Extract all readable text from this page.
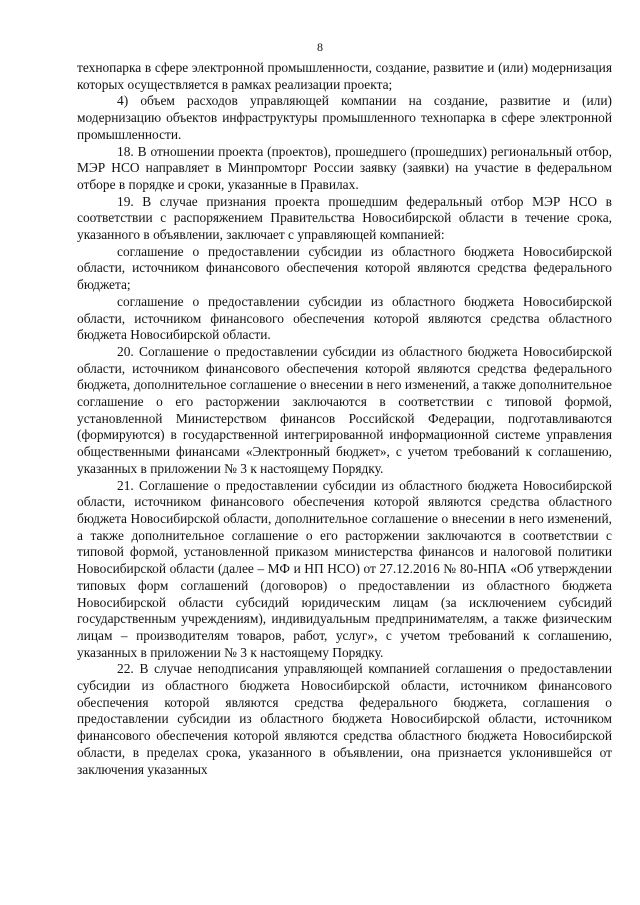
8

технопарка в сфере электронной промышленности, создание, развитие и (или) модернизация которых осуществляется в рамках реализации проекта;

4) объем расходов управляющей компании на создание, развитие и (или) модернизацию объектов инфраструктуры промышленного технопарка в сфере электронной промышленности.

18. В отношении проекта (проектов), прошедшего (прошедших) региональный отбор, МЭР НСО направляет в Минпромторг России заявку (заявки) на участие в федеральном отборе в порядке и сроки, указанные в Правилах.

19. В случае признания проекта прошедшим федеральный отбор МЭР НСО в соответствии с распоряжением Правительства Новосибирской области в течение срока, указанного в объявлении, заключает с управляющей компанией:

соглашение о предоставлении субсидии из областного бюджета Новосибирской области, источником финансового обеспечения которой являются средства федерального бюджета;

соглашение о предоставлении субсидии из областного бюджета Новосибирской области, источником финансового обеспечения которой являются средства областного бюджета Новосибирской области.

20. Соглашение о предоставлении субсидии из областного бюджета Новосибирской области, источником финансового обеспечения которой являются средства федерального бюджета, дополнительное соглашение о внесении в него изменений, а также дополнительное соглашение о его расторжении заключаются в соответствии с типовой формой, установленной Министерством финансов Российской Федерации, подготавливаются (формируются) в государственной интегрированной информационной системе управления общественными финансами «Электронный бюджет», с учетом требований к соглашению, указанных в приложении № 3 к настоящему Порядку.

21. Соглашение о предоставлении субсидии из областного бюджета Новосибирской области, источником финансового обеспечения которой являются средства областного бюджета Новосибирской области, дополнительное соглашение о внесении в него изменений, а также дополнительное соглашение о его расторжении заключаются в соответствии с типовой формой, установленной приказом министерства финансов и налоговой политики Новосибирской области (далее – МФ и НП НСО) от 27.12.2016 № 80-НПА «Об утверждении типовых форм соглашений (договоров) о предоставлении из областного бюджета Новосибирской области субсидий юридическим лицам (за исключением субсидий государственным учреждениям), индивидуальным предпринимателям, а также физическим лицам – производителям товаров, работ, услуг», с учетом требований к соглашению, указанных в приложении № 3 к настоящему Порядку.

22. В случае неподписания управляющей компанией соглашения о предоставлении субсидии из областного бюджета Новосибирской области, источником финансового обеспечения которой являются средства федерального бюджета, соглашения о предоставлении субсидии из областного бюджета Новосибирской области, источником финансового обеспечения которой являются средства областного бюджета Новосибирской области, в пределах срока, указанного в объявлении, она признается уклонившейся от заключения указанных
